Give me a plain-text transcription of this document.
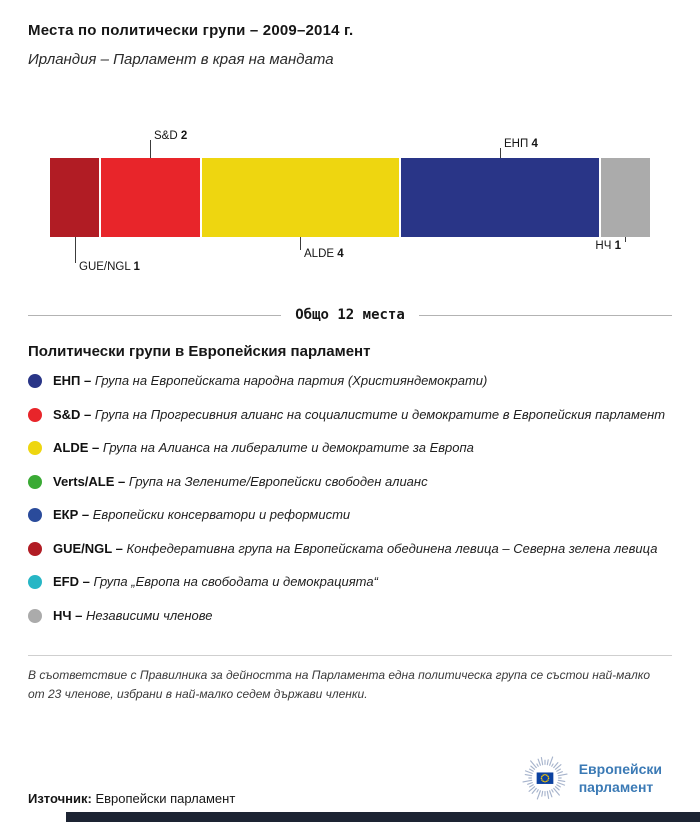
Места по политически групи – 2009–2014 г.
Ирландия – Парламент в края на мандата
S&D 2
ЕНП 4
GUE/NGL 1
ALDE 4
НЧ 1
Общо 12 места
Политически групи в Европейския парламент

ЕНП – Група на Европейската народна партия (Християндемократи)

S&D – Група на Прогресивния алианс на социалистите и демократите в Европейския парламент

ALDE – Група на Алианса на либералите и демократите за Европа

Verts/ALE – Група на Зелените/Европейски свободен алианс

ЕКР – Европейски консерватори и реформисти

GUE/NGL – Конфедеративна група на Европейската обединена левица – Северна зелена левица

EFD – Група „Европа на свободата и демокрацията“

НЧ – Независими членове

В съответствие с Правилника за дейността на Парламента една политическа група се състои най-малко от 23 членове, избрани в най-малко седем държави членки.

Източник: Европейски парламент

Европейски
парламент
